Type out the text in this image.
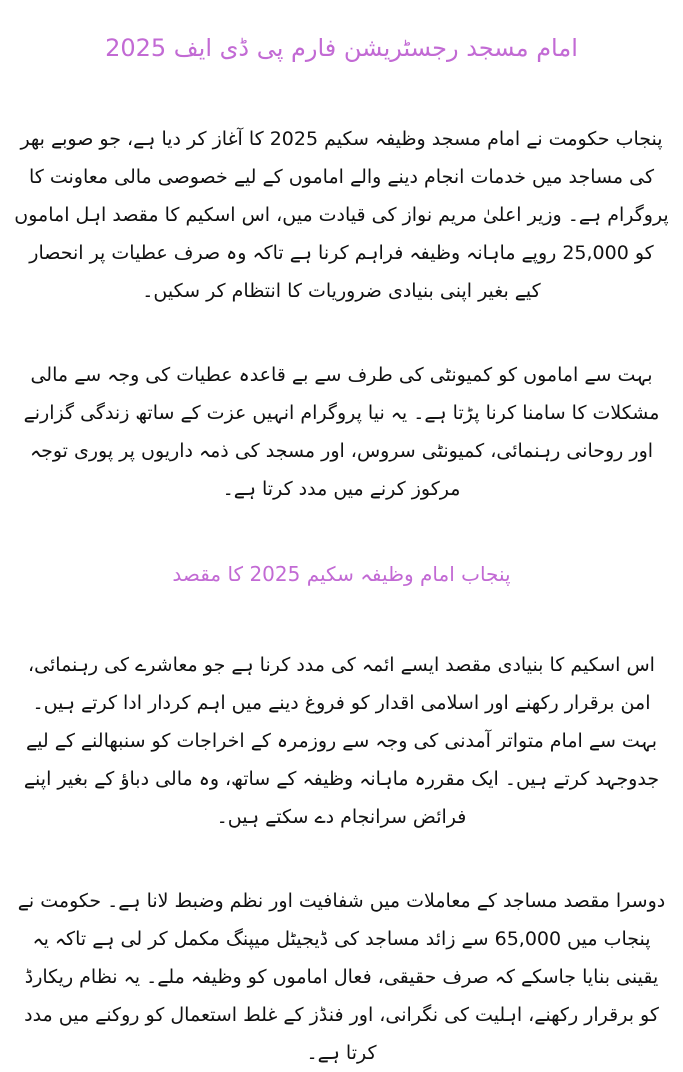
امام مسجد رجسٹریشن فارم پی ڈی ایف 2025

پنجاب حکومت نے امام مسجد وظیفہ سکیم 2025 کا آغاز کر دیا ہے، جو صوبے بھر کی مساجد میں خدمات انجام دینے والے اماموں کے لیے خصوصی مالی معاونت کا پروگرام ہے۔ وزیر اعلیٰ مریم نواز کی قیادت میں، اس اسکیم کا مقصد اہل اماموں کو 25,000 روپے ماہانہ وظیفہ فراہم کرنا ہے تاکہ وہ صرف عطیات پر انحصار کیے بغیر اپنی بنیادی ضروریات کا انتظام کر سکیں۔

بہت سے اماموں کو کمیونٹی کی طرف سے بے قاعدہ عطیات کی وجہ سے مالی مشکلات کا سامنا کرنا پڑتا ہے۔ یہ نیا پروگرام انہیں عزت کے ساتھ زندگی گزارنے اور روحانی رہنمائی، کمیونٹی سروس، اور مسجد کی ذمہ داریوں پر پوری توجہ مرکوز کرنے میں مدد کرتا ہے۔

پنجاب امام وظیفہ سکیم 2025 کا مقصد

اس اسکیم کا بنیادی مقصد ایسے ائمہ کی مدد کرنا ہے جو معاشرے کی رہنمائی، امن برقرار رکھنے اور اسلامی اقدار کو فروغ دینے میں اہم کردار ادا کرتے ہیں۔ بہت سے امام متواتر آمدنی کی وجہ سے روزمرہ کے اخراجات کو سنبھالنے کے لیے جدوجہد کرتے ہیں۔ ایک مقررہ ماہانہ وظیفہ کے ساتھ، وہ مالی دباؤ کے بغیر اپنے فرائض سرانجام دے سکتے ہیں۔

دوسرا مقصد مساجد کے معاملات میں شفافیت اور نظم وضبط لانا ہے۔ حکومت نے پنجاب میں 65,000 سے زائد مساجد کی ڈیجیٹل میپنگ مکمل کر لی ہے تاکہ یہ یقینی بنایا جاسکے کہ صرف حقیقی، فعال اماموں کو وظیفہ ملے۔ یہ نظام ریکارڈ کو برقرار رکھنے، اہلیت کی نگرانی، اور فنڈز کے غلط استعمال کو روکنے میں مدد کرتا ہے۔
